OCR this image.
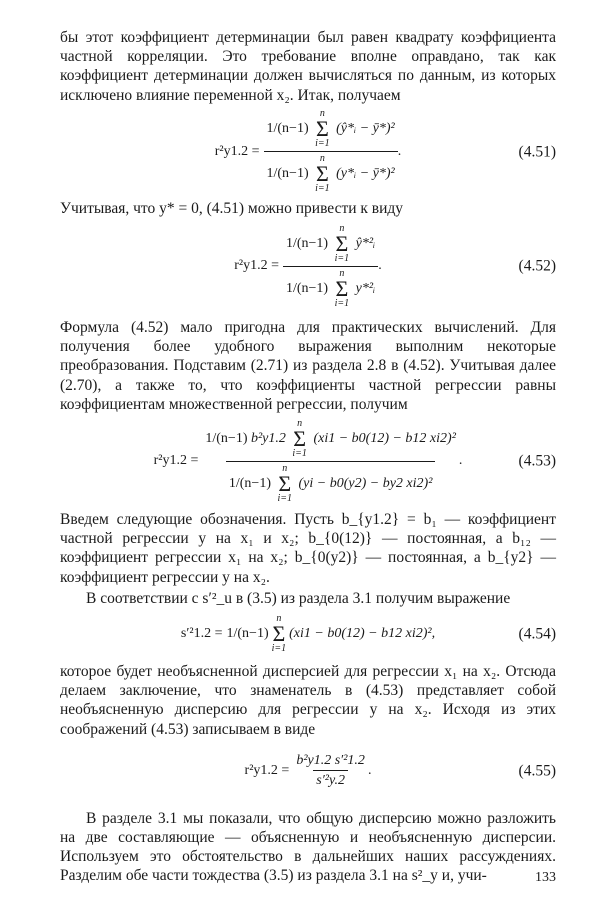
бы этот коэффициент детерминации был равен квадрату коэффициента частной корреляции. Это требование вполне оправдано, так как коэффициент детерминации должен вычисляться по данным, из которых исключено влияние переменной x₂. Итак, получаем

r²y1.2 =
1/(n−1)
n
Σ
i=1
(ŷ*ᵢ − ȳ*)²
1/(n−1)
n
Σ
i=1
(y*ᵢ − ȳ*)²
.	(4.51)

Учитывая, что y* = 0, (4.51) можно привести к виду

r²y1.2 = 1/(n−1)
n
Σ
i=1
ŷ*²ᵢ
1/(n−1)
n
Σ
i=1
y*²ᵢ .	(4.52)

Формула (4.52) мало пригодна для практических вычислений. Для получения более удобного выражения выполним некоторые преобразования. Подставим (2.71) из раздела 2.8 в (4.52). Учитывая далее (2.70), а также то, что коэффициенты частной регрессии равны коэффициентам множественной регрессии, получим

r²y1.2 =
1/(n−1) b²y1.2
n
Σ
i=1
(xi1 − b0(12) − b12 xi2)²
1/(n−1)
n
Σ
i=1
(yi − b0(y2) − by2 xi2)²
.	(4.53)

Введем следующие обозначения. Пусть b_{y1.2} = b₁ — коэффициент частной регрессии y на x₁ и x₂; b_{0(12)} — постоянная, а b₁₂ — коэффициент регрессии x₁ на x₂; b_{0(y2)} — постоянная, а b_{y2} — коэффициент регрессии y на x₂.

В соответствии с s′²_u в (3.5) из раздела 3.1 получим выражение

s′²1.2 = 1/(n−1)
n
Σ
i=1
(xi1 − b0(12) − b12 xi2)²,	(4.54)

которое будет необъясненной дисперсией для регрессии x₁ на x₂. Отсюда делаем заключение, что знаменатель в (4.53) представляет собой необъясненную дисперсию для регрессии y на x₂. Исходя из этих соображений (4.53) записываем в виде

$r^2y1.2 = \frac{\text{b²y1.2 s′²1.2}}{\text{s′²y.2}}$ .	(4.55)

В разделе 3.1 мы показали, что общую дисперсию можно разложить на две составляющие — объясненную и необъясненную дисперсии. Используем это обстоятельство в дальнейших наших рассуждениях. Разделим обе части тождества (3.5) из раздела 3.1 на s²_y и, учи-	133
